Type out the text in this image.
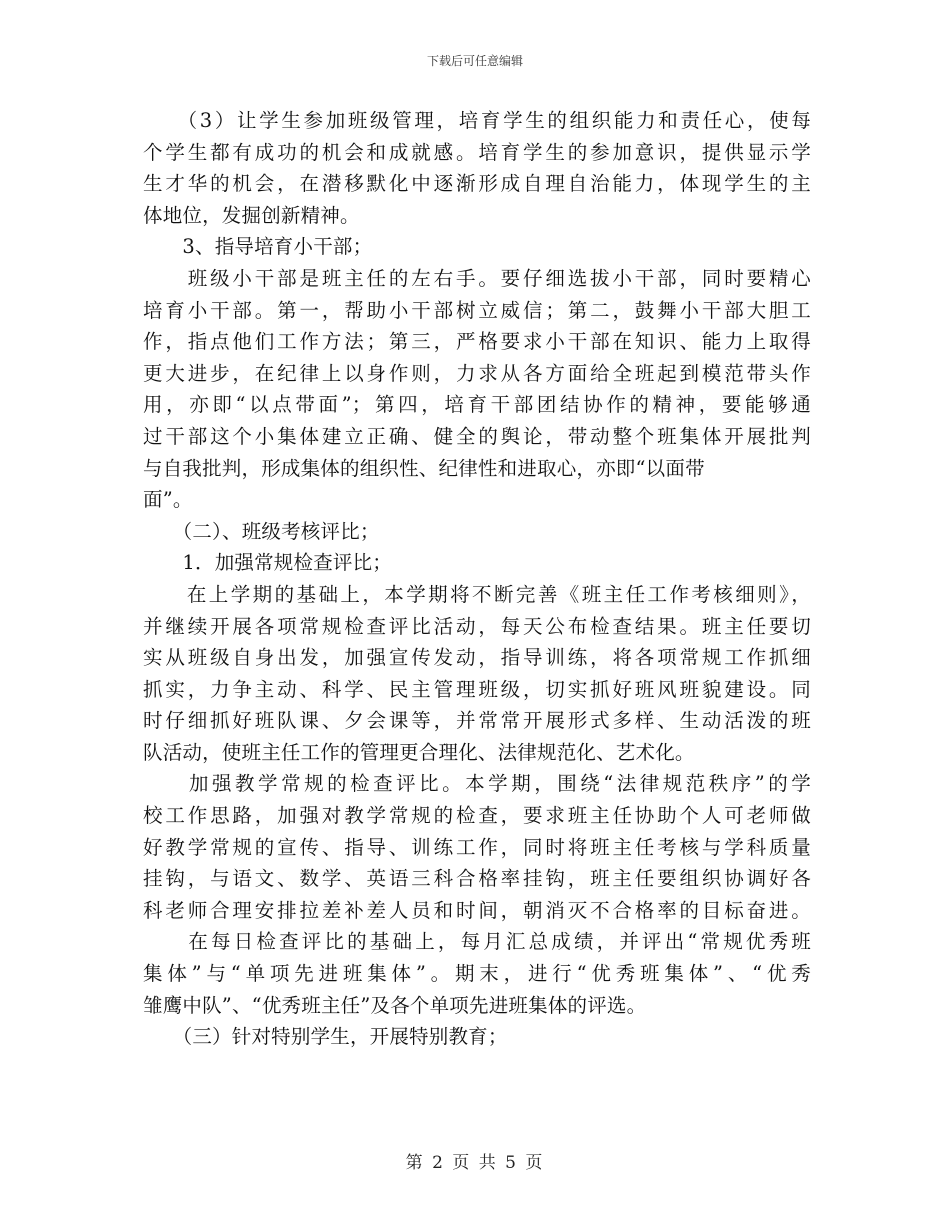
下载后可任意编辑
　　（3）让学生参加班级管理，培育学生的组织能力和责任心，使每
个学生都有成功的机会和成就感。培育学生的参加意识，提供显示学
生才华的机会，在潜移默化中逐渐形成自理自治能力，体现学生的主
体地位，发掘创新精神。
　　3、指导培育小干部；
　　班级小干部是班主任的左右手。要仔细选拔小干部，同时要精心
培育小干部。第一，帮助小干部树立威信；第二，鼓舞小干部大胆工
作，指点他们工作方法；第三，严格要求小干部在知识、能力上取得
更大进步，在纪律上以身作则，力求从各方面给全班起到模范带头作
用，亦即“以点带面”；第四，培育干部团结协作的精神，要能够通
过干部这个小集体建立正确、健全的舆论，带动整个班集体开展批判
与自我批判，形成集体的组织性、纪律性和进取心，亦即“以面带
面”。
　　（二）、班级考核评比；
　　1．加强常规检查评比；
　　在上学期的基础上，本学期将不断完善《班主任工作考核细则》，
并继续开展各项常规检查评比活动，每天公布检查结果。班主任要切
实从班级自身出发，加强宣传发动，指导训练，将各项常规工作抓细
抓实，力争主动、科学、民主管理班级，切实抓好班风班貌建设。同
时仔细抓好班队课、夕会课等，并常常开展形式多样、生动活泼的班
队活动，使班主任工作的管理更合理化、法律规范化、艺术化。
　　加强教学常规的检查评比。本学期，围绕“法律规范秩序”的学
校工作思路，加强对教学常规的检查，要求班主任协助个人可老师做
好教学常规的宣传、指导、训练工作，同时将班主任考核与学科质量
挂钩，与语文、数学、英语三科合格率挂钩，班主任要组织协调好各
科老师合理安排拉差补差人员和时间，朝消灭不合格率的目标奋进。
　　在每日检查评比的基础上，每月汇总成绩，并评出“常规优秀班
集体”与“单项先进班集体”。期末，进行“优秀班集体”、“优秀
雏鹰中队”、“优秀班主任”及各个单项先进班集体的评选。
　　（三）针对特别学生，开展特别教育；
第 2 页 共 5 页
